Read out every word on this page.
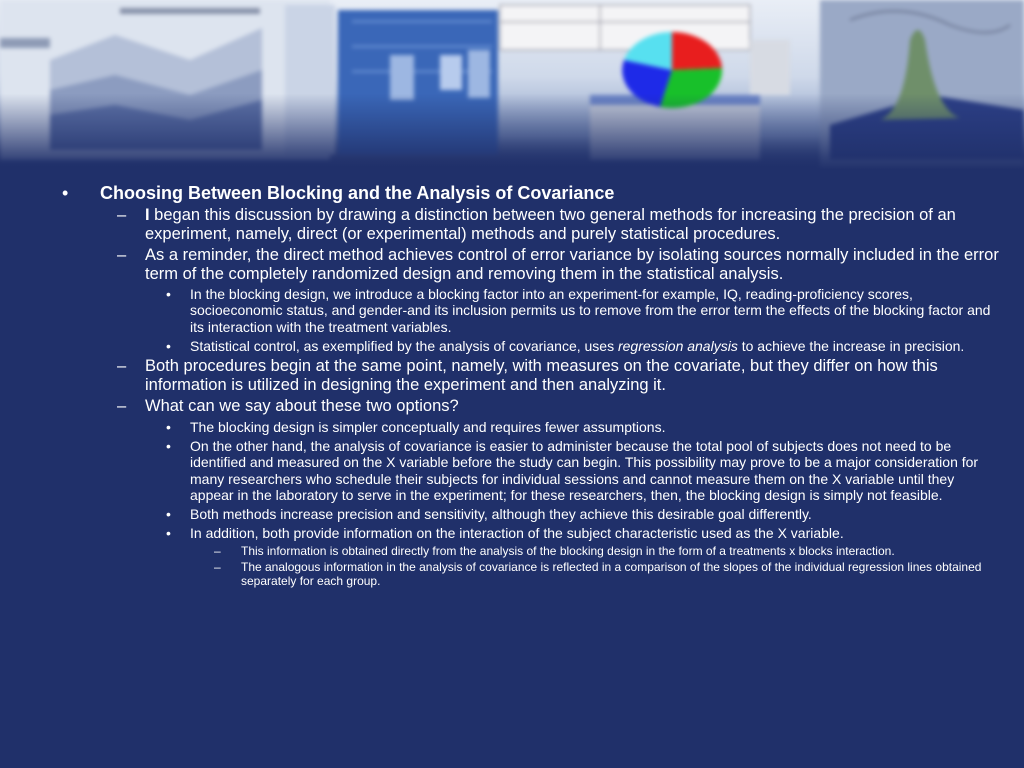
• Choosing Between Blocking and the Analysis of Covariance
– I began this discussion by drawing a distinction between two general methods for increasing the precision of an experiment, namely, direct (or experimental) methods and purely statistical procedures.
– As a reminder, the direct method achieves control of error variance by isolating sources normally included in the error term of the completely randomized design and removing them in the statistical analysis.
• In the blocking design, we introduce a blocking factor into an experiment-for example, IQ, reading-proficiency scores, socioeconomic status, and gender-and its inclusion permits us to remove from the error term the effects of the blocking factor and its interaction with the treatment variables.
• Statistical control, as exemplified by the analysis of covariance, uses regression analysis to achieve the increase in precision.
– Both procedures begin at the same point, namely, with measures on the covariate, but they differ on how this information is utilized in designing the experiment and then analyzing it.
– What can we say about these two options?
• The blocking design is simpler conceptually and requires fewer assumptions.
• On the other hand, the analysis of covariance is easier to administer because the total pool of subjects does not need to be identified and measured on the X variable before the study can begin. This possibility may prove to be a major consideration for many researchers who schedule their subjects for individual sessions and cannot measure them on the X variable until they appear in the laboratory to serve in the experiment; for these researchers, then, the blocking design is simply not feasible.
• Both methods increase precision and sensitivity, although they achieve this desirable goal differently.
• In addition, both provide information on the interaction of the subject characteristic used as the X variable.
– This information is obtained directly from the analysis of the blocking design in the form of a treatments x blocks interaction.
– The analogous information in the analysis of covariance is reflected in a comparison of the slopes of the individual regression lines obtained separately for each group.
